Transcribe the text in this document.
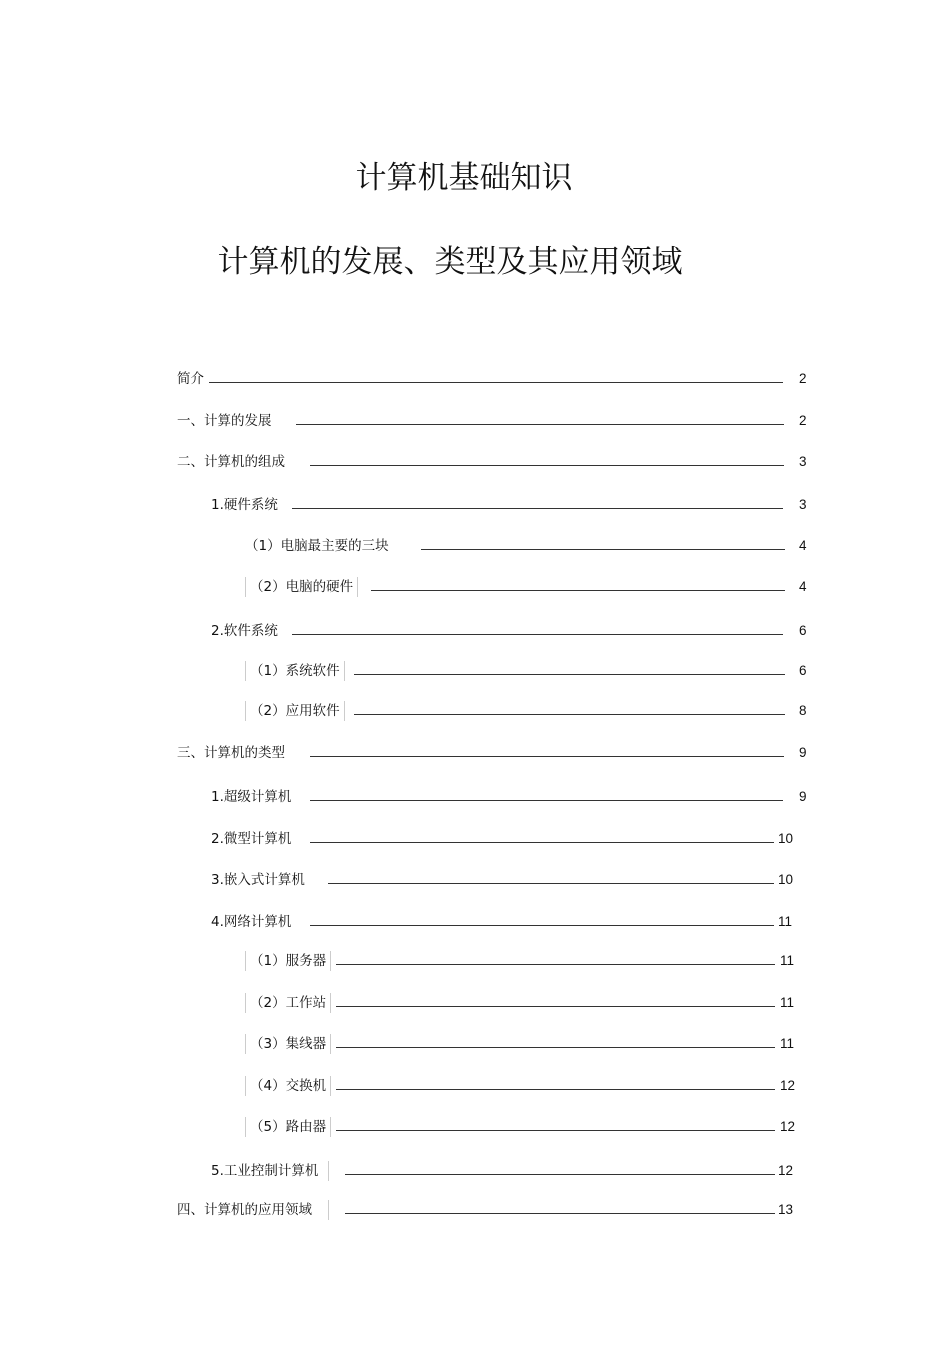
计算机基础知识
计算机的发展、类型及其应用领域
简介	2
一、计算的发展	2
二、计算机的组成	3
1.硬件系统	3
（1）电脑最主要的三块	4
（2）电脑的硬件	4
2.软件系统	6
（1）系统软件	6
（2）应用软件	8
三、计算机的类型	9
1.超级计算机	9
2.微型计算机	10
3.嵌入式计算机	10
4.网络计算机	11
（1）服务器	11
（2）工作站	11
（3）集线器	11
（4）交换机	12
（5）路由器	12
5.工业控制计算机	12
四、计算机的应用领域	13
